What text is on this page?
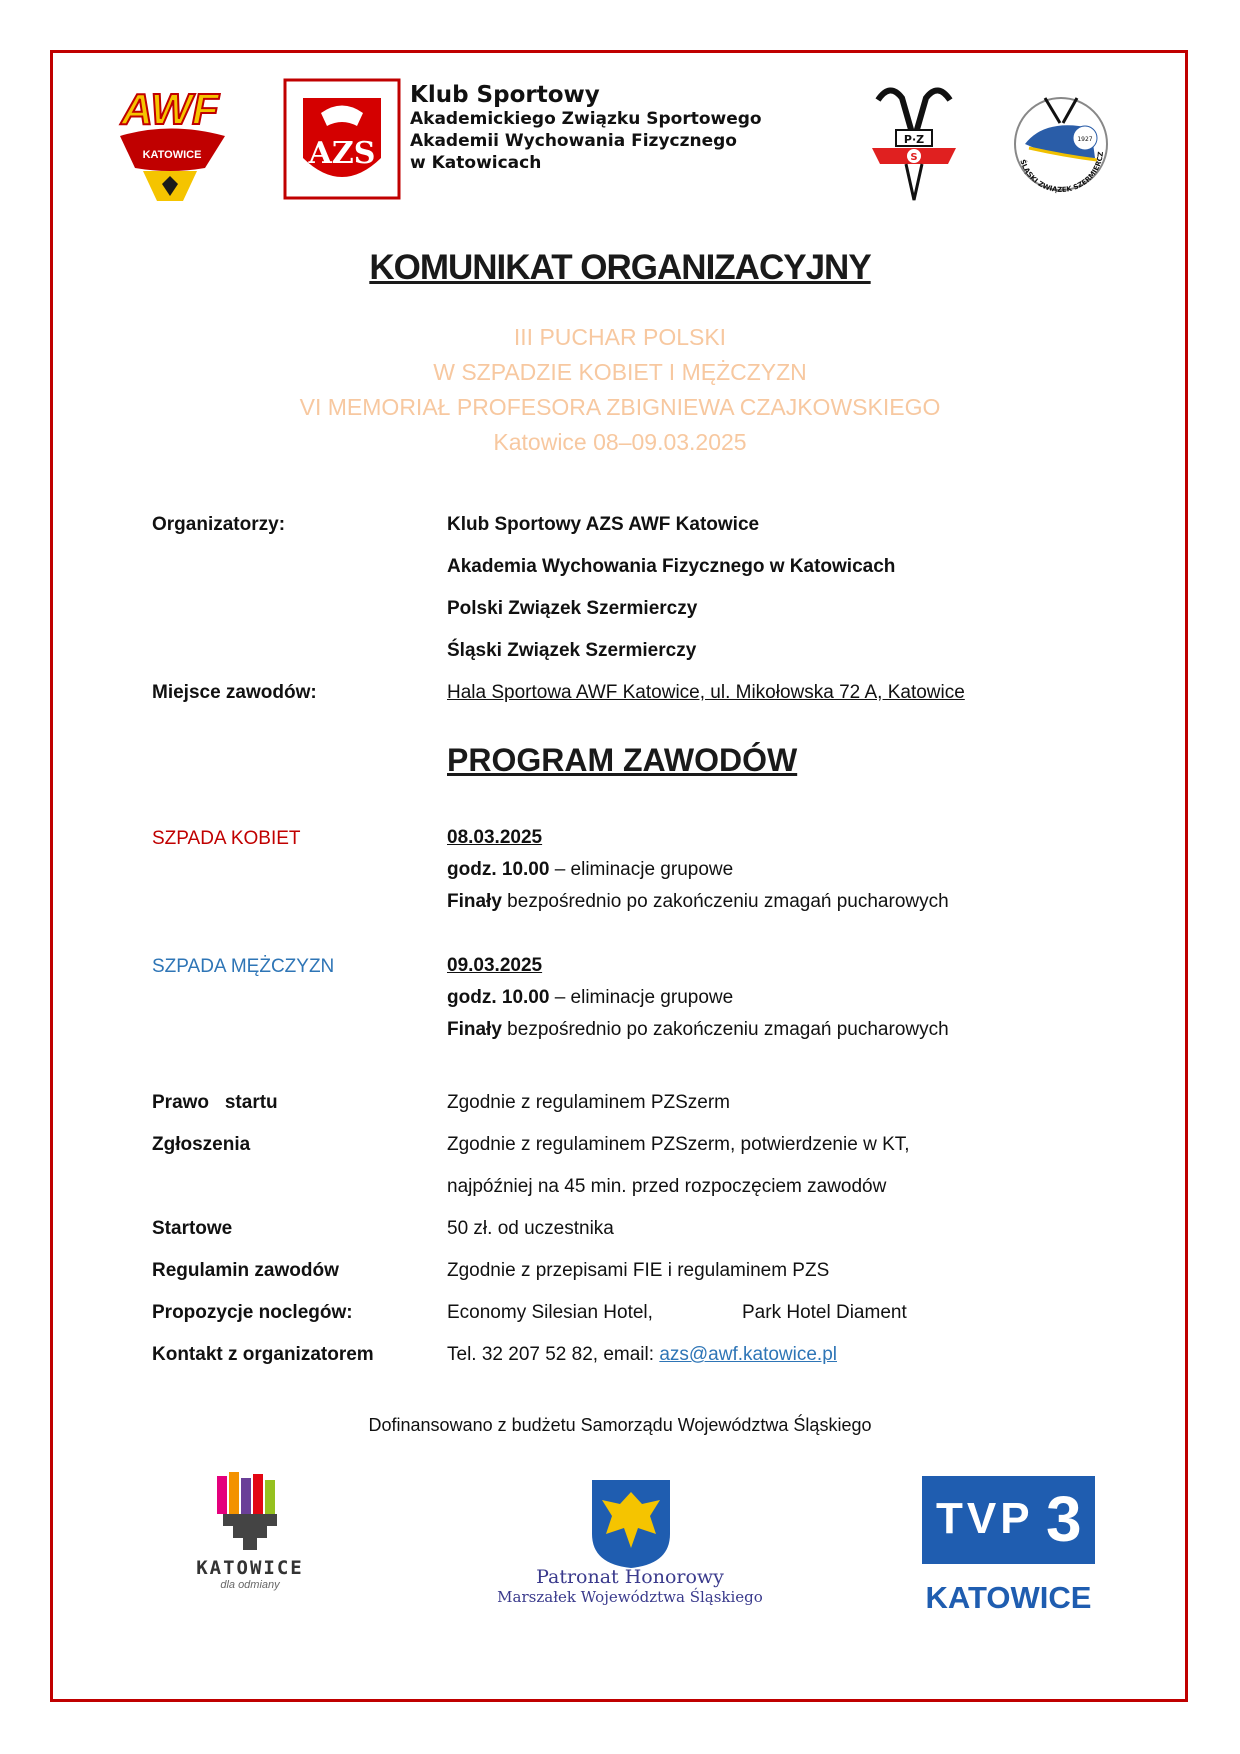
AWF
KATOWICE	AZS
Klub Sportowy
Akademickiego Związku Sportowego
Akademii Wychowania Fizycznego
w Katowicach
P·Z
S
1927
ŚLĄSKI ZWIĄZEK SZERMIERCZ
KOMUNIKAT ORGANIZACYJNY
III PUCHAR POLSKI
W SZPADZIE KOBIET I MĘŻCZYZN
VI MEMORIAŁ PROFESORA ZBIGNIEWA CZAJKOWSKIEGO
Katowice 08–09.03.2025
Organizatorzy:	Klub Sportowy AZS AWF Katowice
Akademia Wychowania Fizycznego w Katowicach
Polski Związek Szermierczy
Śląski Związek Szermierczy
Miejsce zawodów:	Hala Sportowa AWF Katowice, ul. Mikołowska 72 A, Katowice
PROGRAM ZAWODÓW
SZPADA KOBIET	08.03.2025
godz. 10.00 – eliminacje grupowe
Finały bezpośrednio po zakończeniu zmagań pucharowych
SZPADA MĘŻCZYZN	09.03.2025
godz. 10.00 – eliminacje grupowe
Finały bezpośrednio po zakończeniu zmagań pucharowych
Prawo   startu	Zgodnie z regulaminem PZSzerm
Zgłoszenia	Zgodnie z regulaminem PZSzerm, potwierdzenie w KT,
najpóźniej na 45 min. przed rozpoczęciem zawodów
Startowe	50 zł. od uczestnika
Regulamin zawodów	Zgodnie z przepisami FIE i regulaminem PZS
Propozycje noclegów:	Economy Silesian Hotel,	Park Hotel Diament
Kontakt z organizatorem	Tel. 32 207 52 82, email: azs@awf.katowice.pl
Dofinansowano z budżetu Samorządu Województwa Śląskiego
KATOWICE
dla odmiany	Patronat Honorowy
Marszałek Województwa Śląskiego
TVP 3
KATOWICE
